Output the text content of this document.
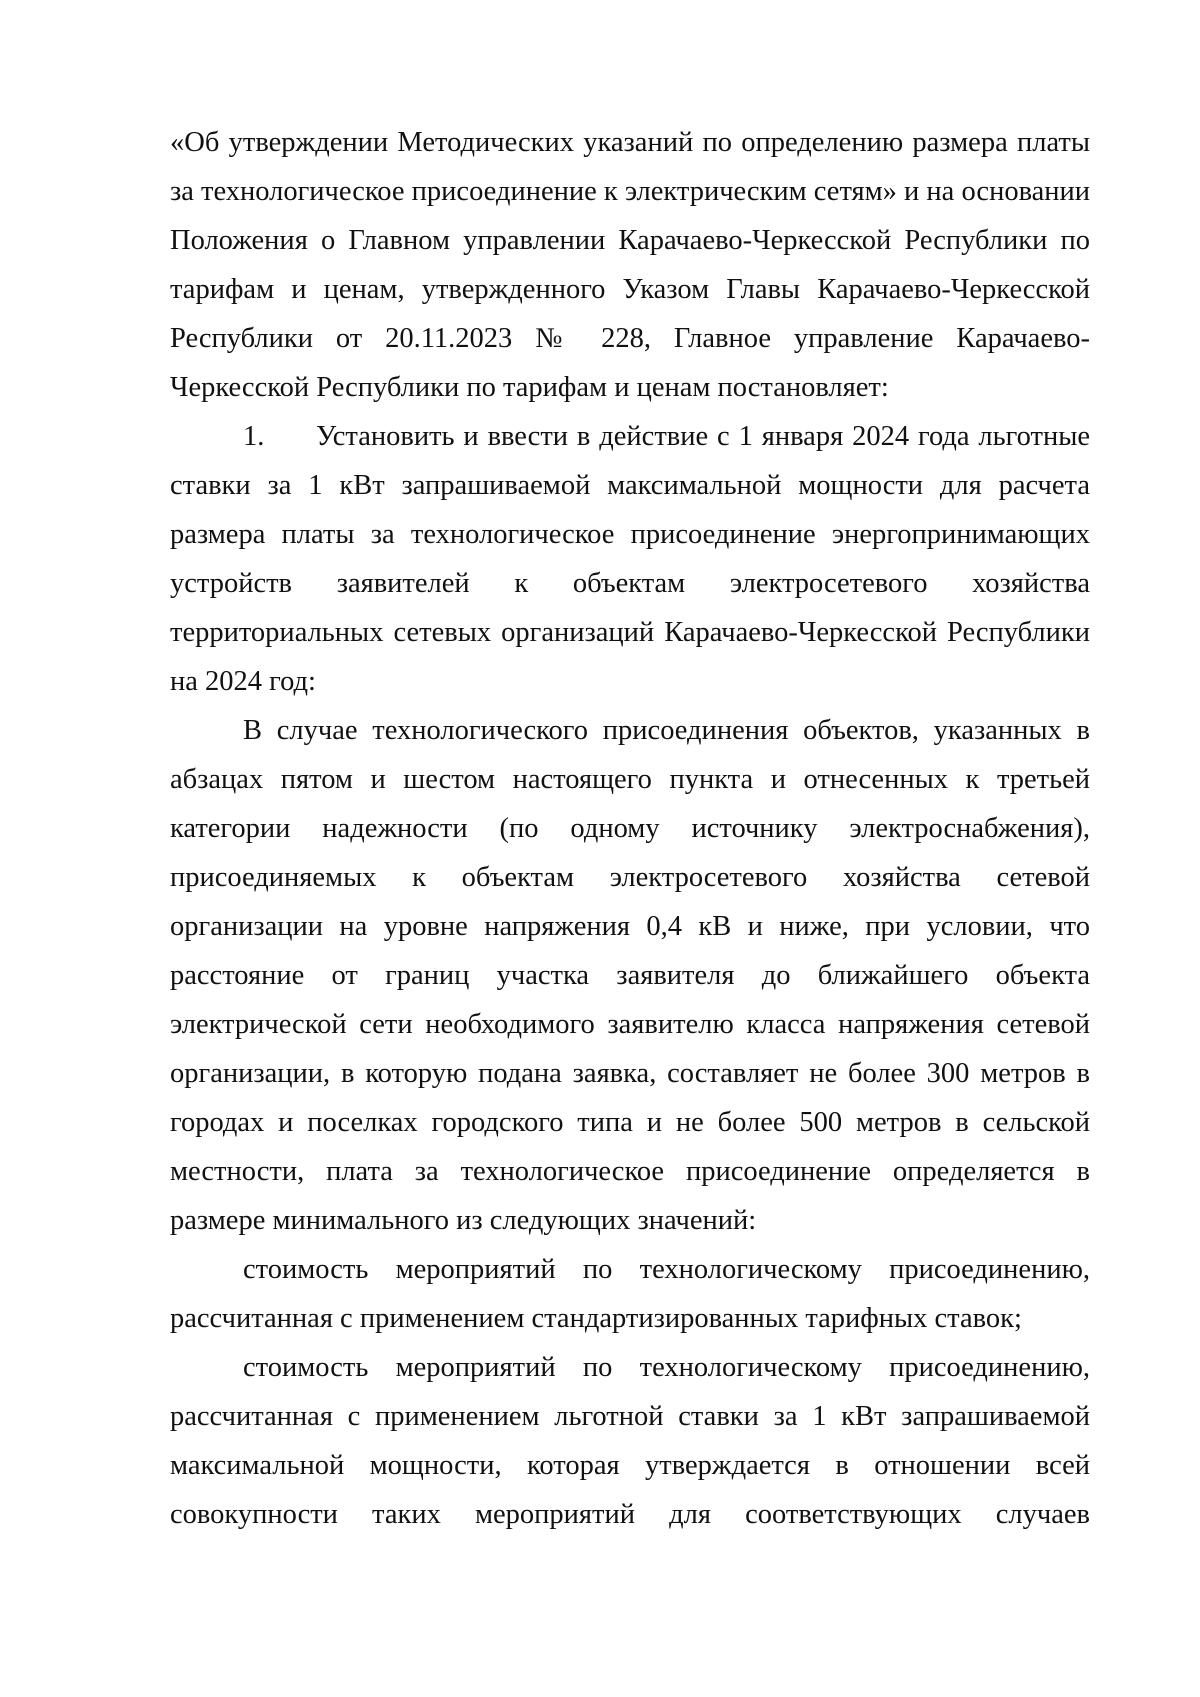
«Об утверждении Методических указаний по определению размера платы
за технологическое присоединение к электрическим сетям» и на основании
Положения о Главном управлении Карачаево-Черкесской Республики по
тарифам и ценам, утвержденного Указом Главы Карачаево-Черкесской
Республики от 20.11.2023 № 228, Главное управление Карачаево-
Черкесской Республики по тарифам и ценам постановляет:
1. Установить и ввести в действие с 1 января 2024 года льготные
ставки за 1 кВт запрашиваемой максимальной мощности для расчета
размера платы за технологическое присоединение энергопринимающих
устройств заявителей к объектам электросетевого хозяйства
территориальных сетевых организаций Карачаево-Черкесской Республики
на 2024 год:
В случае технологического присоединения объектов, указанных в
абзацах пятом и шестом настоящего пункта и отнесенных к третьей
категории надежности (по одному источнику электроснабжения),
присоединяемых к объектам электросетевого хозяйства сетевой
организации на уровне напряжения 0,4 кВ и ниже, при условии, что
расстояние от границ участка заявителя до ближайшего объекта
электрической сети необходимого заявителю класса напряжения сетевой
организации, в которую подана заявка, составляет не более 300 метров в
городах и поселках городского типа и не более 500 метров в сельской
местности, плата за технологическое присоединение определяется в
размере минимального из следующих значений:
стоимость мероприятий по технологическому присоединению,
рассчитанная с применением стандартизированных тарифных ставок;
стоимость мероприятий по технологическому присоединению,
рассчитанная с применением льготной ставки за 1 кВт запрашиваемой
максимальной мощности, которая утверждается в отношении всей
совокупности таких мероприятий для соответствующих случаев
